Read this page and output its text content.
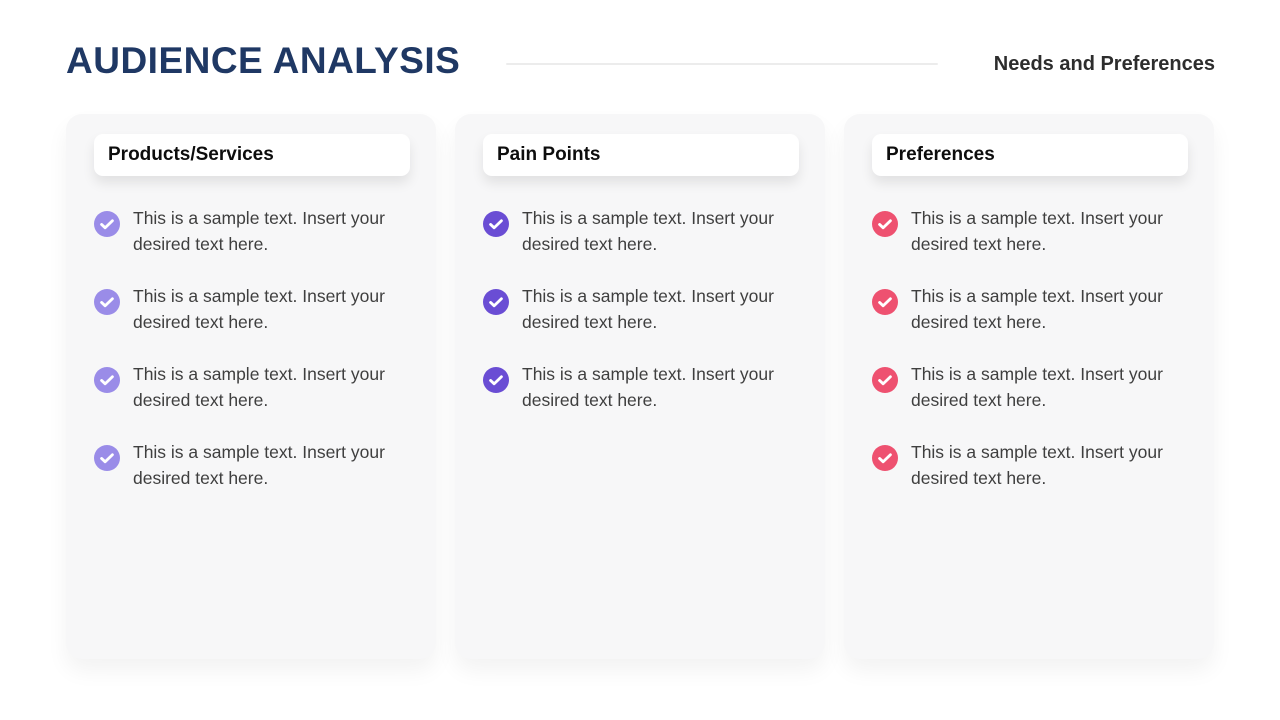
AUDIENCE ANALYSIS	Needs and Preferences
Products/Services

This is a sample text. Insert your desired text here.

This is a sample text. Insert your desired text here.

This is a sample text. Insert your desired text here.

This is a sample text. Insert your desired text here.

Pain Points

This is a sample text. Insert your desired text here.

This is a sample text. Insert your desired text here.

This is a sample text. Insert your desired text here.

Preferences

This is a sample text. Insert your desired text here.

This is a sample text. Insert your desired text here.

This is a sample text. Insert your desired text here.

This is a sample text. Insert your desired text here.
